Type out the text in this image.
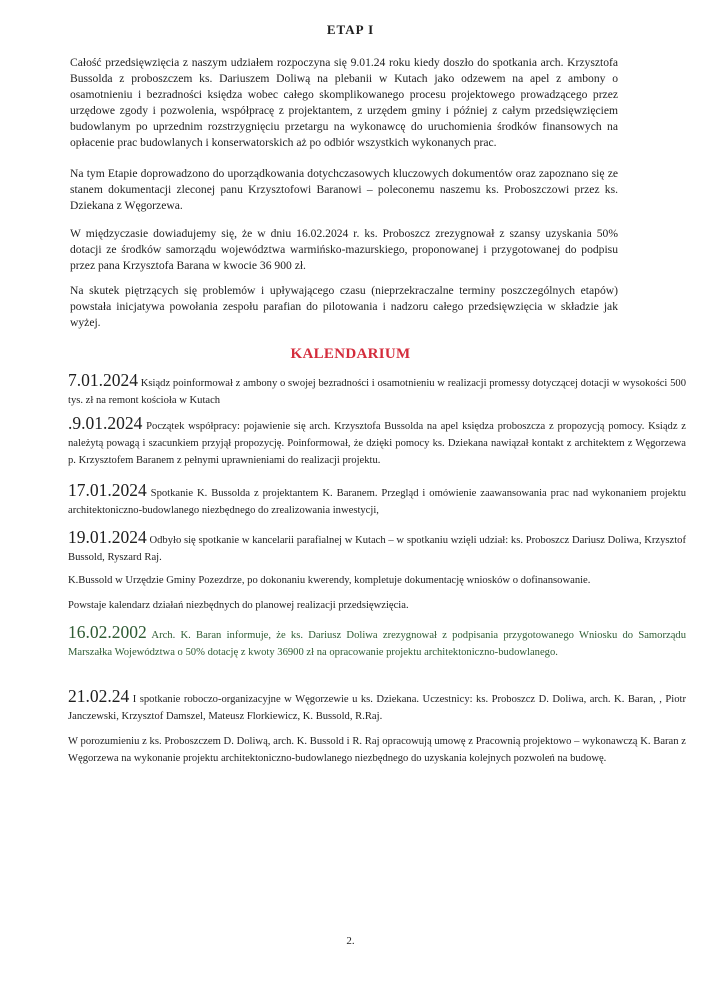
ETAP I

Całość przedsięwzięcia z naszym udziałem rozpoczyna się 9.01.24 roku kiedy doszło do spotkania arch. Krzysztofa Bussolda z proboszczem ks. Dariuszem Doliwą na plebanii w Kutach jako odzewem na apel z ambony o osamotnieniu i bezradności księdza wobec całego skomplikowanego procesu projektowego prowadzącego przez urzędowe zgody i pozwolenia, współpracę z projektantem, z urzędem gminy i później z całym przedsięwzięciem budowlanym po uprzednim rozstrzygnięciu przetargu na wykonawcę do uruchomienia środków finansowych na opłacenie prac budowlanych i konserwatorskich aż po odbiór wszystkich wykonanych prac.

Na tym Etapie doprowadzono do uporządkowania dotychczasowych kluczowych dokumentów oraz zapoznano się ze stanem dokumentacji zleconej panu Krzysztofowi Baranowi – poleconemu naszemu ks. Proboszczowi przez ks. Dziekana z Węgorzewa.

W międzyczasie dowiadujemy się, że w dniu 16.02.2024 r. ks. Proboszcz zrezygnował z szansy uzyskania 50% dotacji ze środków samorządu województwa warmińsko-mazurskiego, proponowanej i przygotowanej do podpisu przez pana Krzysztofa Barana w kwocie 36 900 zł.

Na skutek piętrzących się problemów i upływającego czasu (nieprzekraczalne terminy poszczególnych etapów) powstała inicjatywa powołania zespołu parafian do pilotowania i nadzoru całego przedsięwzięcia w składzie jak wyżej.

KALENDARIUM

7.01.2024 Ksiądz poinformował z ambony o swojej bezradności i osamotnieniu w realizacji promessy dotyczącej dotacji w wysokości 500 tys. zł na remont kościoła w Kutach

.9.01.2024 Początek współpracy: pojawienie się arch. Krzysztofa Bussolda na apel księdza proboszcza z propozycją pomocy. Ksiądz z należytą powagą i szacunkiem przyjął propozycję. Poinformował, że dzięki pomocy ks. Dziekana nawiązał kontakt z architektem z Węgorzewa p. Krzysztofem Baranem z pełnymi uprawnieniami do realizacji projektu.

17.01.2024 Spotkanie K. Bussolda z projektantem K. Baranem. Przegląd i omówienie zaawansowania prac nad wykonaniem projektu architektoniczno-budowlanego niezbędnego do zrealizowania inwestycji,

19.01.2024 Odbyło się spotkanie w kancelarii parafialnej w Kutach – w spotkaniu wzięli udział: ks. Proboszcz Dariusz Doliwa, Krzysztof Bussold, Ryszard Raj.

K.Bussold w Urzędzie Gminy Pozezdrze, po dokonaniu kwerendy, kompletuje dokumentację wniosków o dofinansowanie.

Powstaje kalendarz działań niezbędnych do planowej realizacji przedsięwzięcia.

16.02.2002 Arch. K. Baran informuje, że ks. Dariusz Doliwa zrezygnował z podpisania przygotowanego Wniosku do Samorządu Marszałka Województwa o 50% dotację z kwoty 36900 zł na opracowanie projektu architektoniczno-budowlanego.

21.02.24 I spotkanie roboczo-organizacyjne w Węgorzewie u ks. Dziekana. Uczestnicy: ks. Proboszcz D. Doliwa, arch. K. Baran, , Piotr Janczewski, Krzysztof Damszel, Mateusz Florkiewicz, K. Bussold, R.Raj.

W porozumieniu z ks. Proboszczem D. Doliwą, arch. K. Bussold i R. Raj opracowują umowę z Pracownią projektowo – wykonawczą K. Baran z Węgorzewa na wykonanie projektu architektoniczno-budowlanego niezbędnego do uzyskania kolejnych pozwoleń na budowę.

2.
